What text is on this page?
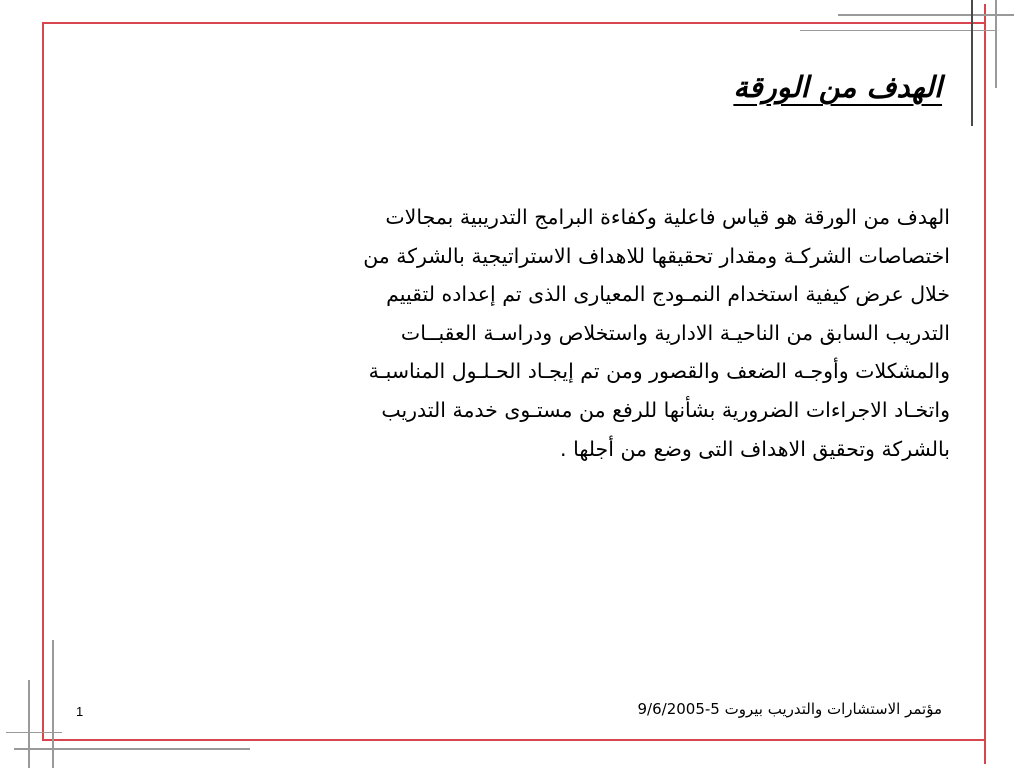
الهدف من الورقة
الهدف من الورقة هو قياس فاعلية وكفاءة البرامج التدريبية بمجالات
اختصاصات الشركـة ومقدار تحقيقها للاهداف الاستراتيجية بالشركة من
خلال عرض كيفية استخدام النمـودج المعيارى الذى تم إعداده لتقييم
التدريب السابق من الناحيـة الادارية واستخلاص ودراسـة العقبــات
والمشكلات وأوجـه الضعف والقصور ومن تم إيجـاد الحـلـول المناسبـة
واتخـاد الاجراءات الضرورية بشأنها للرفع من مستـوى خدمة التدريب
بالشركة وتحقيق الاهداف التى وضع من أجلها .
مؤتمر الاستشارات والتدريب بيروت 5-9/6/2005
1
